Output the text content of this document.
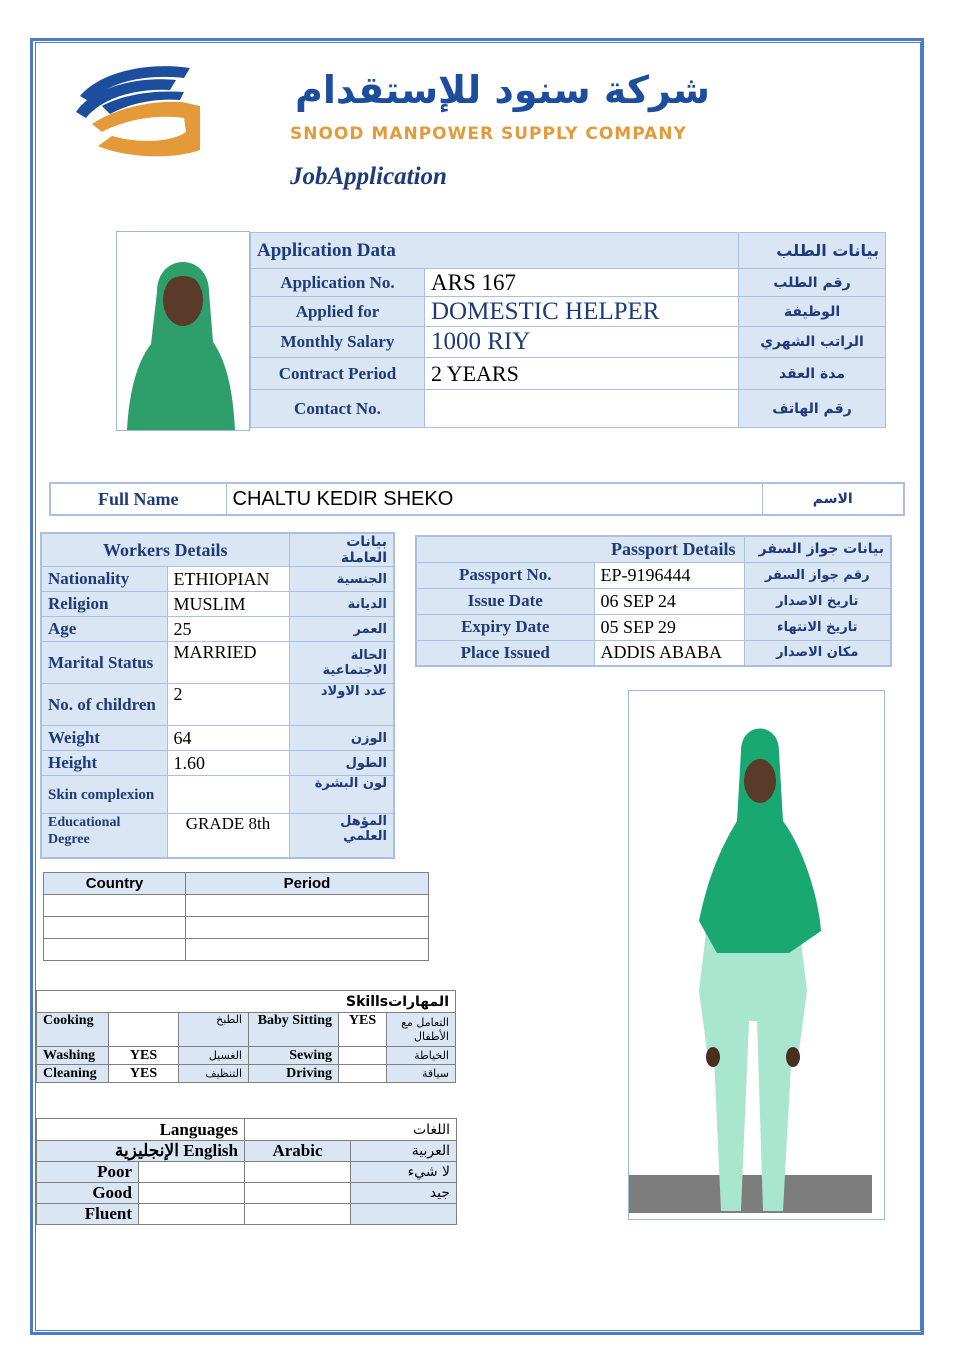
شركة سنود للإستقدام
SNOOD MANPOWER SUPPLY COMPANY
JobApplication
Application Data		بيانات الطلب
Application No.	ARS 167	رقم الطلب
Applied for	DOMESTIC HELPER	الوظيفة
Monthly Salary	1000 RIY	الراتب الشهري
Contract Period	2 YEARS	مدة العقد
Contact No.		رقم الهاتف
Full Name	CHALTU KEDIR SHEKO	الاسم
Workers Details		بيانات العاملة
Nationality	ETHIOPIAN	الجنسية
Religion	MUSLIM	الديانة
Age	25	العمر
Marital Status	MARRIED	الحالة الاجتماعية
No. of children	2	عدد الاولاد
Weight	64	الوزن
Height	1.60	الطول
Skin complexion		لون البشرة
Educational Degree	GRADE 8th	المؤهل العلمي
Passport Details		بيانات جواز السفر
Passport No.	EP-9196444	رقم جواز السفر
Issue Date	06 SEP 24	تاريخ الاصدار
Expiry Date	05 SEP 29	تاريخ الانتهاء
Place Issued	ADDIS ABABA	مكان الاصدار
Country	Period

المهاراتSkills					
Cooking		الطبخ	Baby Sitting	YES	التعامل مع الأطفال
Washing	YES	الغسيل	Sewing		الخياطة
Cleaning	YES	التنظيف	Driving		سياقة
Languages		اللغات	
الإنجليزية English		Arabic	العربية
Poor			لا شيء
Good			جيد
Fluent			
